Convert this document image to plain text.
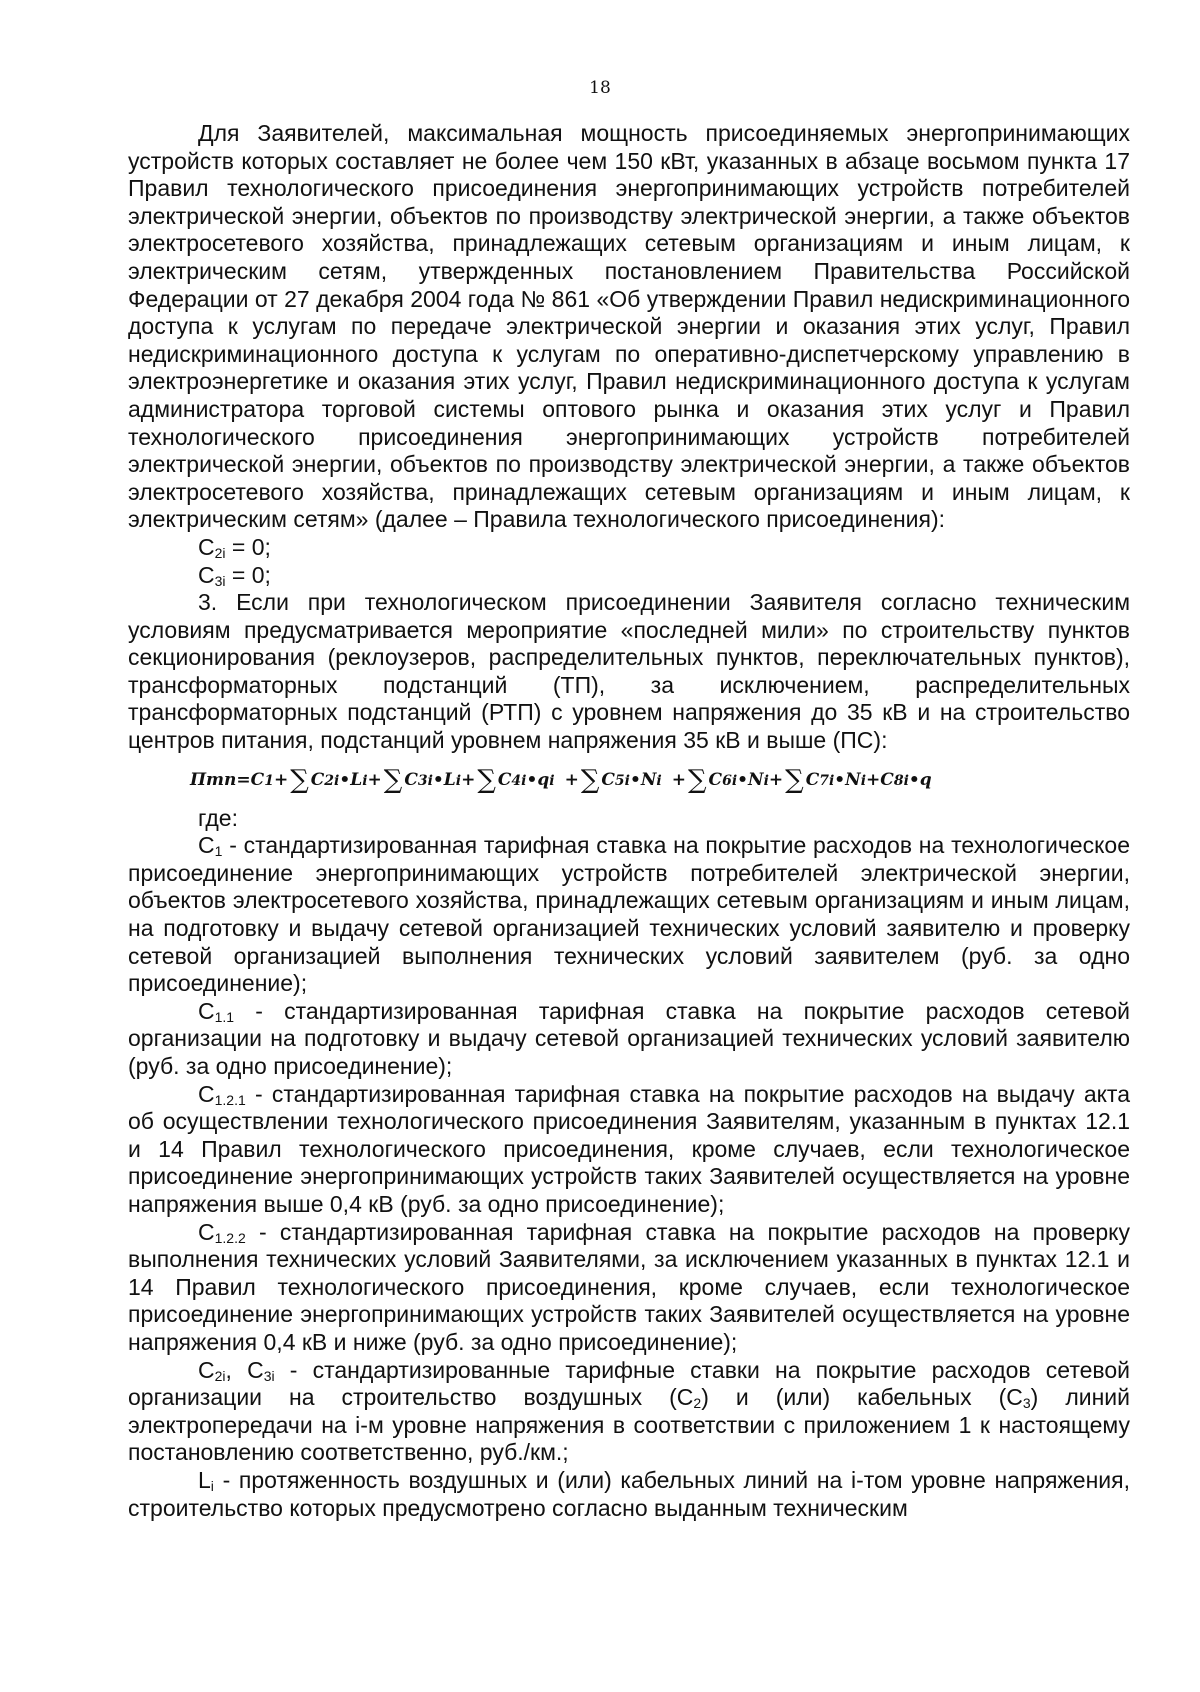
18

Для Заявителей, максимальная мощность присоединяемых энергопринимающих устройств которых составляет не более чем 150 кВт, указанных в абзаце восьмом пункта 17 Правил технологического присоединения энергопринимающих устройств потребителей электрической энергии, объектов по производству электрической энергии, а также объектов электросетевого хозяйства, принадлежащих сетевым организациям и иным лицам, к электрическим сетям, утвержденных постановлением Правительства Российской Федерации от 27 декабря 2004 года № 861 «Об утверждении Правил недискриминационного доступа к услугам по передаче электрической энергии и оказания этих услуг, Правил недискриминационного доступа к услугам по оперативно-диспетчерскому управлению в электроэнергетике и оказания этих услуг, Правил недискриминационного доступа к услугам администратора торговой системы оптового рынка и оказания этих услуг и Правил технологического присоединения энергопринимающих устройств потребителей электрической энергии, объектов по производству электрической энергии, а также объектов электросетевого хозяйства, принадлежащих сетевым организациям и иным лицам, к электрическим сетям» (далее – Правила технологического присоединения):

$C_{2i} = 0$;

$C_{3i} = 0$;

3. Если при технологическом присоединении Заявителя согласно техническим условиям предусматривается мероприятие «последней мили» по строительству пунктов секционирования (реклоузеров, распределительных пунктов, переключательных пунктов), трансформаторных подстанций (ТП), за исключением, распределительных трансформаторных подстанций (РТП) с уровнем напряжения до 35 кВ и на строительство центров питания, подстанций уровнем напряжения 35 кВ и выше (ПС):

Птп = C 1 + ∑ C 2i • L i + ∑ C 3i • L i + ∑ C 4i • q i + ∑ C 5i • N i + ∑ C 6i • N i + ∑ C 7i • N i + C 8i • q

где:

$C_1$ - стандартизированная тарифная ставка на покрытие расходов на технологическое присоединение энергопринимающих устройств потребителей электрической энергии, объектов электросетевого хозяйства, принадлежащих сетевым организациям и иным лицам, на подготовку и выдачу сетевой организацией технических условий заявителю и проверку сетевой организацией выполнения технических условий заявителем (руб. за одно присоединение);

$C_{1.1}$ - стандартизированная тарифная ставка на покрытие расходов сетевой организации на подготовку и выдачу сетевой организацией технических условий заявителю (руб. за одно присоединение);

$C_{1.2.1}$ - стандартизированная тарифная ставка на покрытие расходов на выдачу акта об осуществлении технологического присоединения Заявителям, указанным в пунктах 12.1 и 14 Правил технологического присоединения, кроме случаев, если технологическое присоединение энергопринимающих устройств таких Заявителей осуществляется на уровне напряжения выше 0,4 кВ (руб. за одно присоединение);

$C_{1.2.2}$ - стандартизированная тарифная ставка на покрытие расходов на проверку выполнения технических условий Заявителями, за исключением указанных в пунктах 12.1 и 14 Правил технологического присоединения, кроме случаев, если технологическое присоединение энергопринимающих устройств таких Заявителей осуществляется на уровне напряжения 0,4 кВ и ниже (руб. за одно присоединение);

$C_{2i}$, $C_{3i}$ - стандартизированные тарифные ставки на покрытие расходов сетевой организации на строительство воздушных $(C_2)$ и (или) кабельных $(C_3)$ линий электропередачи на i-м уровне напряжения в соответствии с приложением 1 к настоящему постановлению соответственно, руб./км.;

$L_i$ - протяженность воздушных и (или) кабельных линий на i-том уровне напряжения, строительство которых предусмотрено согласно выданным техническим
